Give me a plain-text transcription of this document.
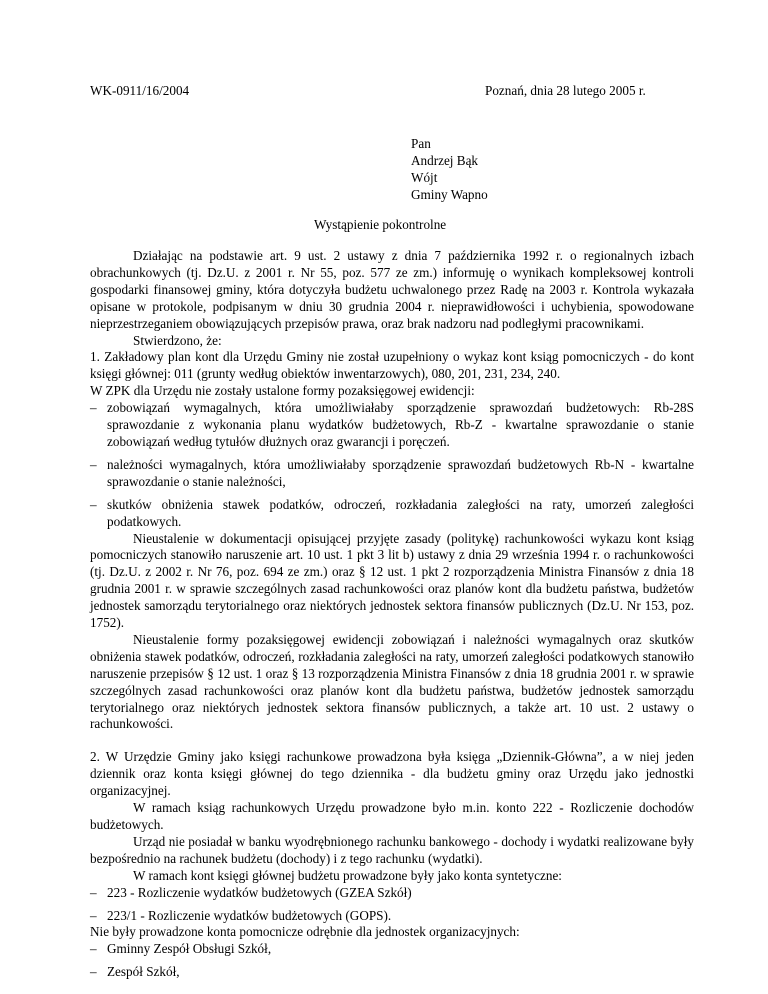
WK-0911/16/2004	Poznań, dnia 28 lutego 2005 r.
Pan
Andrzej Bąk
Wójt
Gminy Wapno
Wystąpienie pokontrolne

Działając na podstawie art. 9 ust. 2 ustawy z dnia 7 października 1992 r. o regionalnych izbach obrachunkowych (tj. Dz.U. z 2001 r. Nr 55, poz. 577 ze zm.) informuję o wynikach kompleksowej kontroli gospodarki finansowej gminy, która dotyczyła budżetu uchwalonego przez Radę na 2003 r. Kontrola wykazała opisane w protokole, podpisanym w dniu 30 grudnia 2004 r. nieprawidłowości i uchybienia, spowodowane nieprzestrzeganiem obowiązujących przepisów prawa, oraz brak nadzoru nad podległymi pracownikami.

Stwierdzono, że:

1. Zakładowy plan kont dla Urzędu Gminy nie został uzupełniony o wykaz kont ksiąg pomocniczych - do kont księgi głównej: 011 (grunty według obiektów inwentarzowych), 080, 201, 231, 234, 240.

W ZPK dla Urzędu nie zostały ustalone formy pozaksięgowej ewidencji:

– zobowiązań wymagalnych, która umożliwiałaby sporządzenie sprawozdań budżetowych: Rb-28S sprawozdanie z wykonania planu wydatków budżetowych, Rb-Z - kwartalne sprawozdanie o stanie zobowiązań według tytułów dłużnych oraz gwarancji i poręczeń.
– należności wymagalnych, która umożliwiałaby sporządzenie sprawozdań budżetowych Rb-N - kwartalne sprawozdanie o stanie należności,
– skutków obniżenia stawek podatków, odroczeń, rozkładania zaległości na raty, umorzeń zaległości podatkowych.

Nieustalenie w dokumentacji opisującej przyjęte zasady (politykę) rachunkowości wykazu kont ksiąg pomocniczych stanowiło naruszenie art. 10 ust. 1 pkt 3 lit b) ustawy z dnia 29 września 1994 r. o rachunkowości (tj. Dz.U. z 2002 r. Nr 76, poz. 694 ze zm.) oraz § 12 ust. 1 pkt 2 rozporządzenia Ministra Finansów z dnia 18 grudnia 2001 r. w sprawie szczególnych zasad rachunkowości oraz planów kont dla budżetu państwa, budżetów jednostek samorządu terytorialnego oraz niektórych jednostek sektora finansów publicznych (Dz.U. Nr 153, poz. 1752).

Nieustalenie formy pozaksięgowej ewidencji zobowiązań i należności wymagalnych oraz skutków obniżenia stawek podatków, odroczeń, rozkładania zaległości na raty, umorzeń zaległości podatkowych stanowiło naruszenie przepisów § 12 ust. 1 oraz § 13 rozporządzenia Ministra Finansów z dnia 18 grudnia 2001 r. w sprawie szczególnych zasad rachunkowości oraz planów kont dla budżetu państwa, budżetów jednostek samorządu terytorialnego oraz niektórych jednostek sektora finansów publicznych, a także art. 10 ust. 2 ustawy o rachunkowości.

2. W Urzędzie Gminy jako księgi rachunkowe prowadzona była księga „Dziennik-Główna”, a w niej jeden dziennik oraz konta księgi głównej do tego dziennika - dla budżetu gminy oraz Urzędu jako jednostki organizacyjnej.

W ramach ksiąg rachunkowych Urzędu prowadzone było m.in. konto 222 - Rozliczenie dochodów budżetowych.

Urząd nie posiadał w banku wyodrębnionego rachunku bankowego - dochody i wydatki realizowane były bezpośrednio na rachunek budżetu (dochody) i z tego rachunku (wydatki).

W ramach kont księgi głównej budżetu prowadzone były jako konta syntetyczne:

– 223 - Rozliczenie wydatków budżetowych (GZEA Szkół)
– 223/1 - Rozliczenie wydatków budżetowych (GOPS).

Nie były prowadzone konta pomocnicze odrębnie dla jednostek organizacyjnych:

– Gminny Zespół Obsługi Szkół,
– Zespół Szkół,
